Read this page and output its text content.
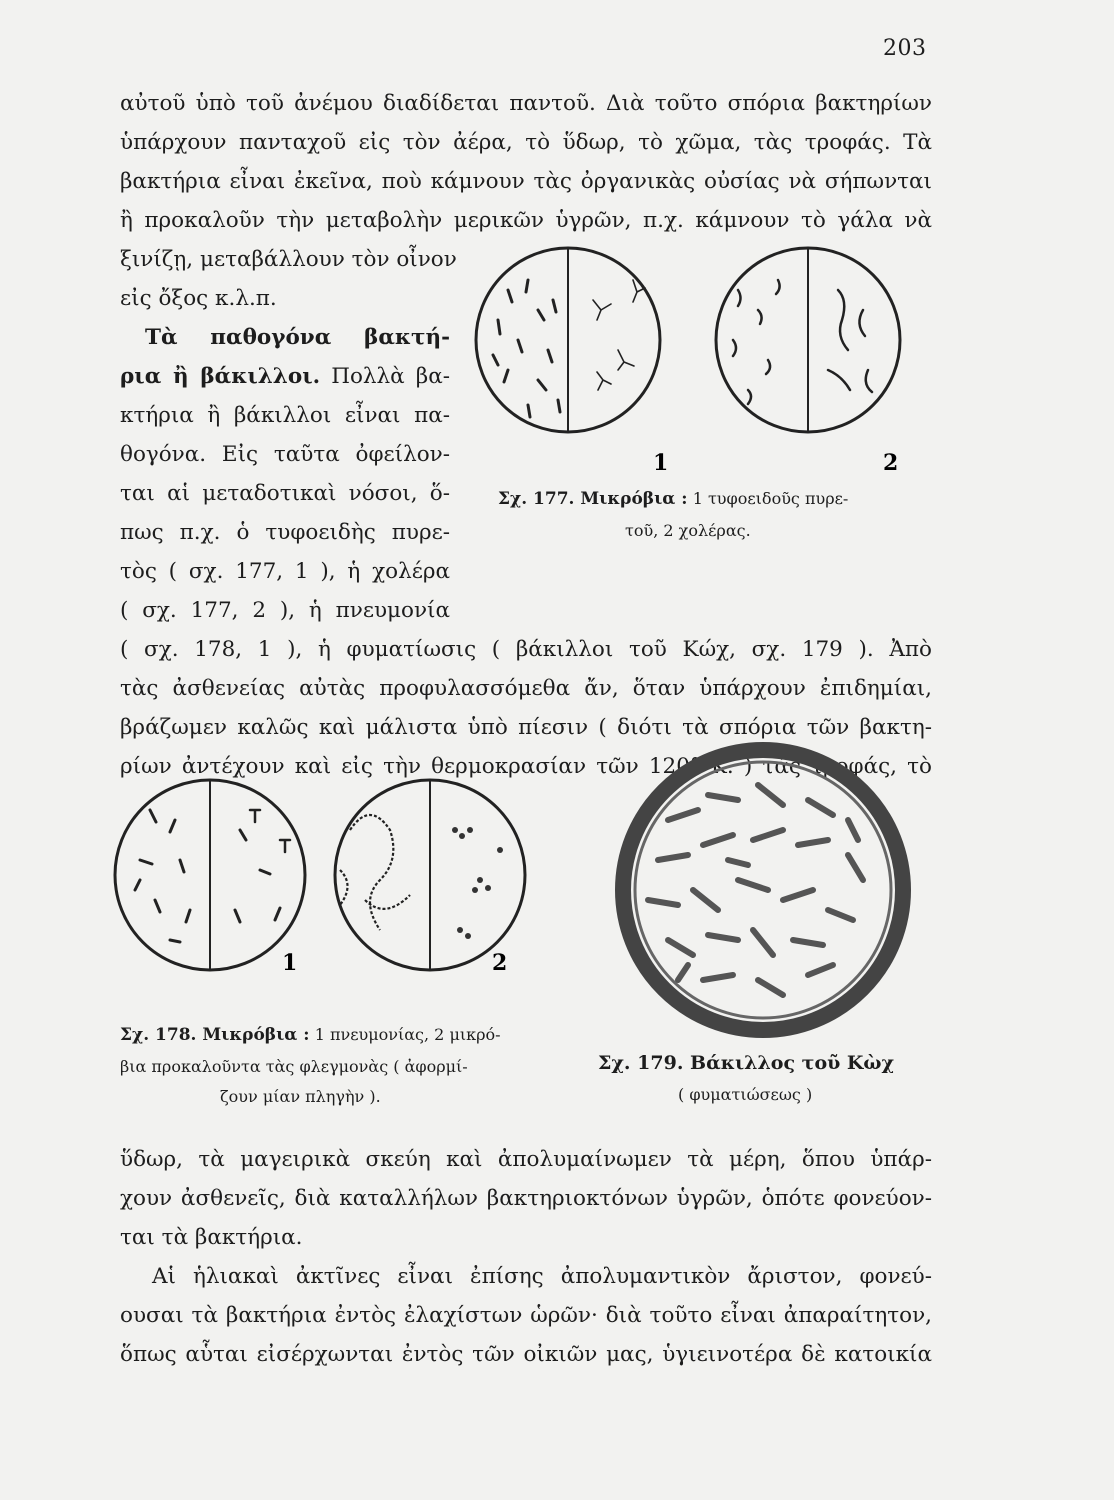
203
αὐτοῦ ὑπὸ τοῦ ἀνέμου διαδίδεται παντοῦ. Διὰ τοῦτο σπόρια βακτηρίων
ὑπάρχουν πανταχοῦ εἰς τὸν ἀέρα, τὸ ὕδωρ, τὸ χῶμα, τὰς τροφάς. Τὰ
βακτήρια εἶναι ἐκεῖνα, ποὺ κάμνουν τὰς ὀργανικὰς οὐσίας νὰ σήπωνται
ἢ προκαλοῦν τὴν μεταβολὴν μερικῶν ὑγρῶν, π.χ. κάμνουν τὸ γάλα νὰ
ξινίζῃ, μεταβάλλουν τὸν οἶνον
εἰς ὄξος κ.λ.π.
Τὰ παθογόνα βακτή-
ρια ἢ βάκιλλοι. Πολλὰ βα-
κτήρια ἢ βάκιλλοι εἶναι πα-
θογόνα. Εἰς ταῦτα ὀφείλον-
ται αἱ μεταδοτικαὶ νόσοι, ὅ-
πως π.χ. ὁ τυφοειδὴς πυρε-
τὸς ( σχ. 177, 1 ), ἡ χολέρα
( σχ. 177, 2 ), ἡ πνευμονία
( σχ. 178, 1 ), ἡ φυματίωσις ( βάκιλλοι τοῦ Κώχ, σχ. 179 ). Ἀπὸ
τὰς ἀσθενείας αὐτὰς προφυλασσόμεθα ἄν, ὅταν ὑπάρχουν ἐπιδημίαι,
βράζωμεν καλῶς καὶ μάλιστα ὑπὸ πίεσιν ( διότι τὰ σπόρια τῶν βακτη-
ρίων ἀντέχουν καὶ εἰς τὴν θερμοκρασίαν τῶν 120° Κ. ) τὰς τροφάς, τὸ
1	2
Σχ. 177. Μικρόβια : 1 τυφοειδοῦς πυρε-
τοῦ, 2 χολέρας.
1	2
Σχ. 178. Μικρόβια : 1 πνευμονίας, 2 μικρό-
βια προκαλοῦντα τὰς φλεγμονὰς ( ἀφορμί-
ζουν μίαν πληγὴν ).
Σχ. 179. Βάκιλλος τοῦ Κὼχ
( φυματιώσεως )
ὕδωρ, τὰ μαγειρικὰ σκεύη καὶ ἀπολυμαίνωμεν τὰ μέρη, ὅπου ὑπάρ-
χουν ἀσθενεῖς, διὰ καταλλήλων βακτηριοκτόνων ὑγρῶν, ὁπότε φονεύον-
ται τὰ βακτήρια.
Αἱ ἡλιακαὶ ἀκτῖνες εἶναι ἐπίσης ἀπολυμαντικὸν ἄριστον, φονεύ-
ουσαι τὰ βακτήρια ἐντὸς ἐλαχίστων ὡρῶν· διὰ τοῦτο εἶναι ἀπαραίτητον,
ὅπως αὗται εἰσέρχωνται ἐντὸς τῶν οἰκιῶν μας, ὑγιεινοτέρα δὲ κατοικία
